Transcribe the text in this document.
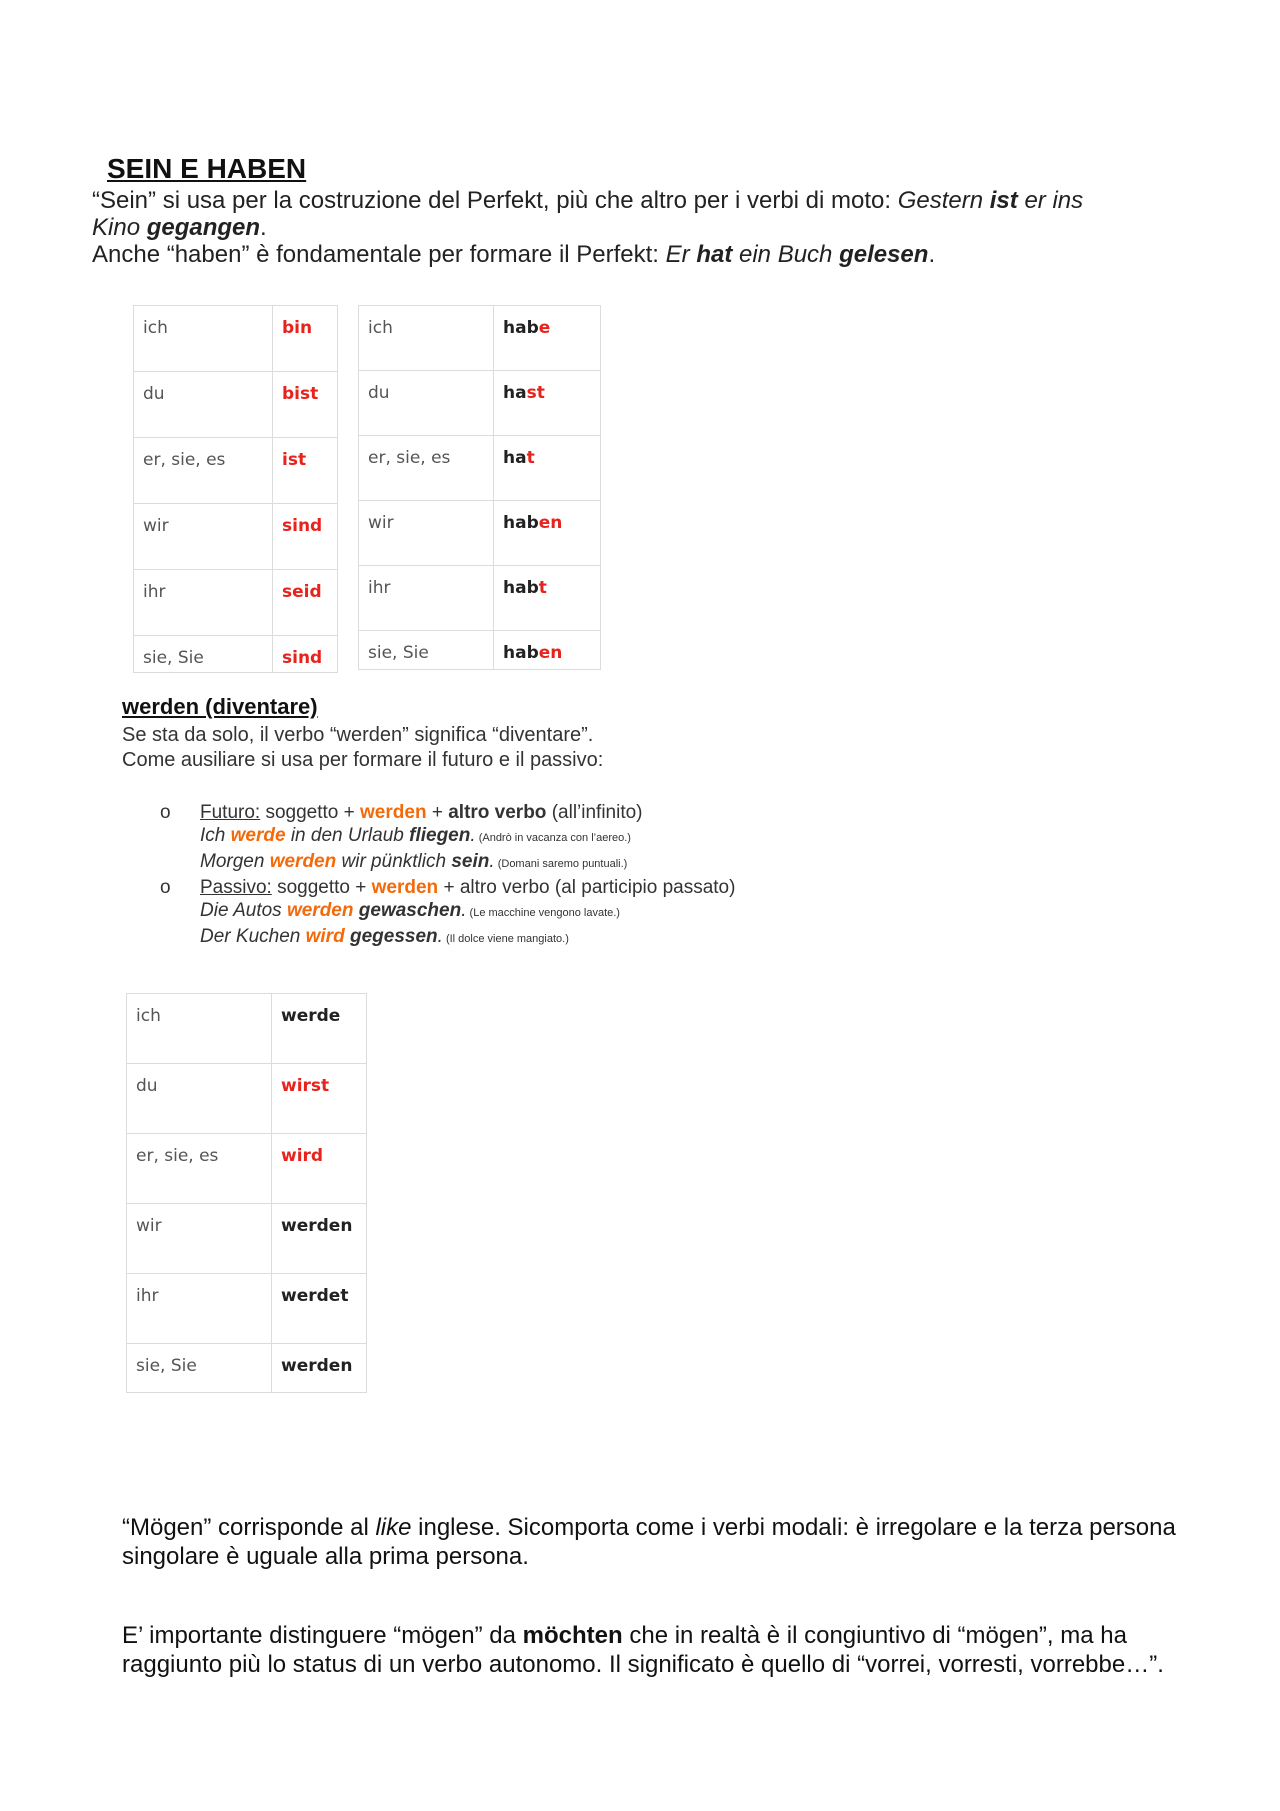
SEIN E HABEN
“Sein” si usa per la costruzione del Perfekt, più che altro per i verbi di moto: Gestern ist er ins Kino gegangen.
Anche “haben” è fondamentale per formare il Perfekt: Er hat ein Buch gelesen.
ich	bin
du	bist
er, sie, es	ist
wir	sind
ihr	seid
sie, Sie	sind
ich	habe
du	hast
er, sie, es	hat
wir	haben
ihr	habt
sie, Sie	haben
werden (diventare)
Se sta da solo, il verbo “werden” significa “diventare”.
Come ausiliare si usa per formare il futuro e il passivo:
o Futuro: soggetto + werden + altro verbo (all’infinito)
Ich werde in den Urlaub fliegen. (Andrò in vacanza con l’aereo.)
Morgen werden wir pünktlich sein. (Domani saremo puntuali.)
o Passivo: soggetto + werden + altro verbo (al participio passato)
Die Autos werden gewaschen. (Le macchine vengono lavate.)
Der Kuchen wird gegessen. (Il dolce viene mangiato.)
ich	werde
du	wirst
er, sie, es	wird
wir	werden
ihr	werdet
sie, Sie	werden
“Mögen” corrisponde al like inglese. Sicomporta come i verbi modali: è irregolare e la terza persona singolare è uguale alla prima persona.
E’ importante distinguere “mögen” da möchten che in realtà è il congiuntivo di “mögen”, ma ha raggiunto più lo status di un verbo autonomo. Il significato è quello di “vorrei, vorresti, vorrebbe…”.
